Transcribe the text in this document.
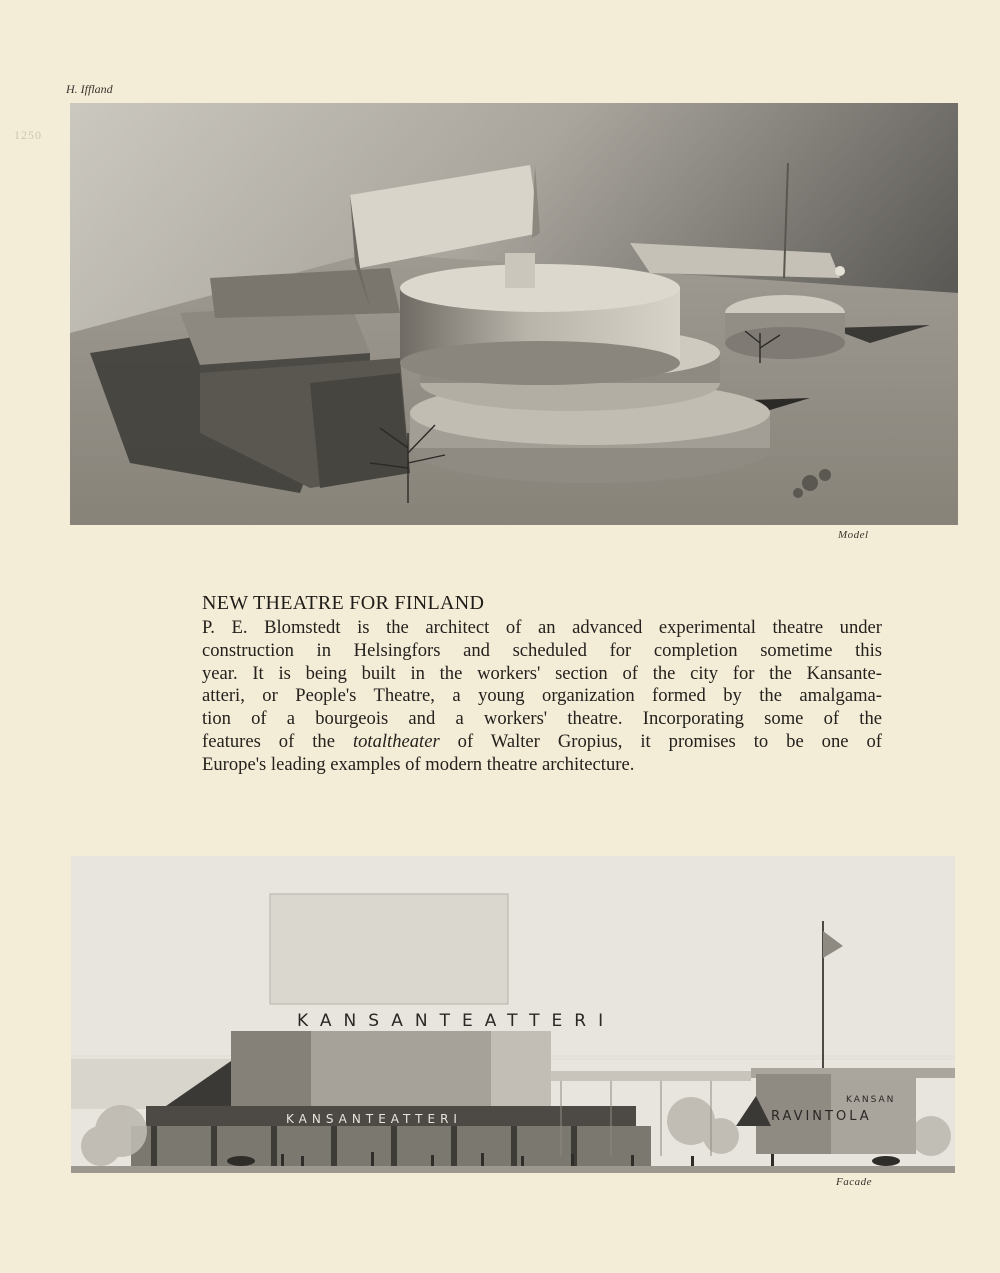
H. Iffland
1250
Model
NEW THEATRE FOR FINLAND
P. E. Blomstedt is the architect of an advanced experimental theatre under
construction in Helsingfors and scheduled for completion sometime this
year. It is being built in the workers' section of the city for the Kansante-
atteri, or People's Theatre, a young organization formed by the amalgama-
tion of a bourgeois and a workers' theatre. Incorporating some of the
features of the totaltheater of Walter Gropius, it promises to be one of
Europe's leading examples of modern theatre architecture.
KANSANTEATTERI
KANSANTEATTERI
KANSAN
RAVINTOLA
Facade
